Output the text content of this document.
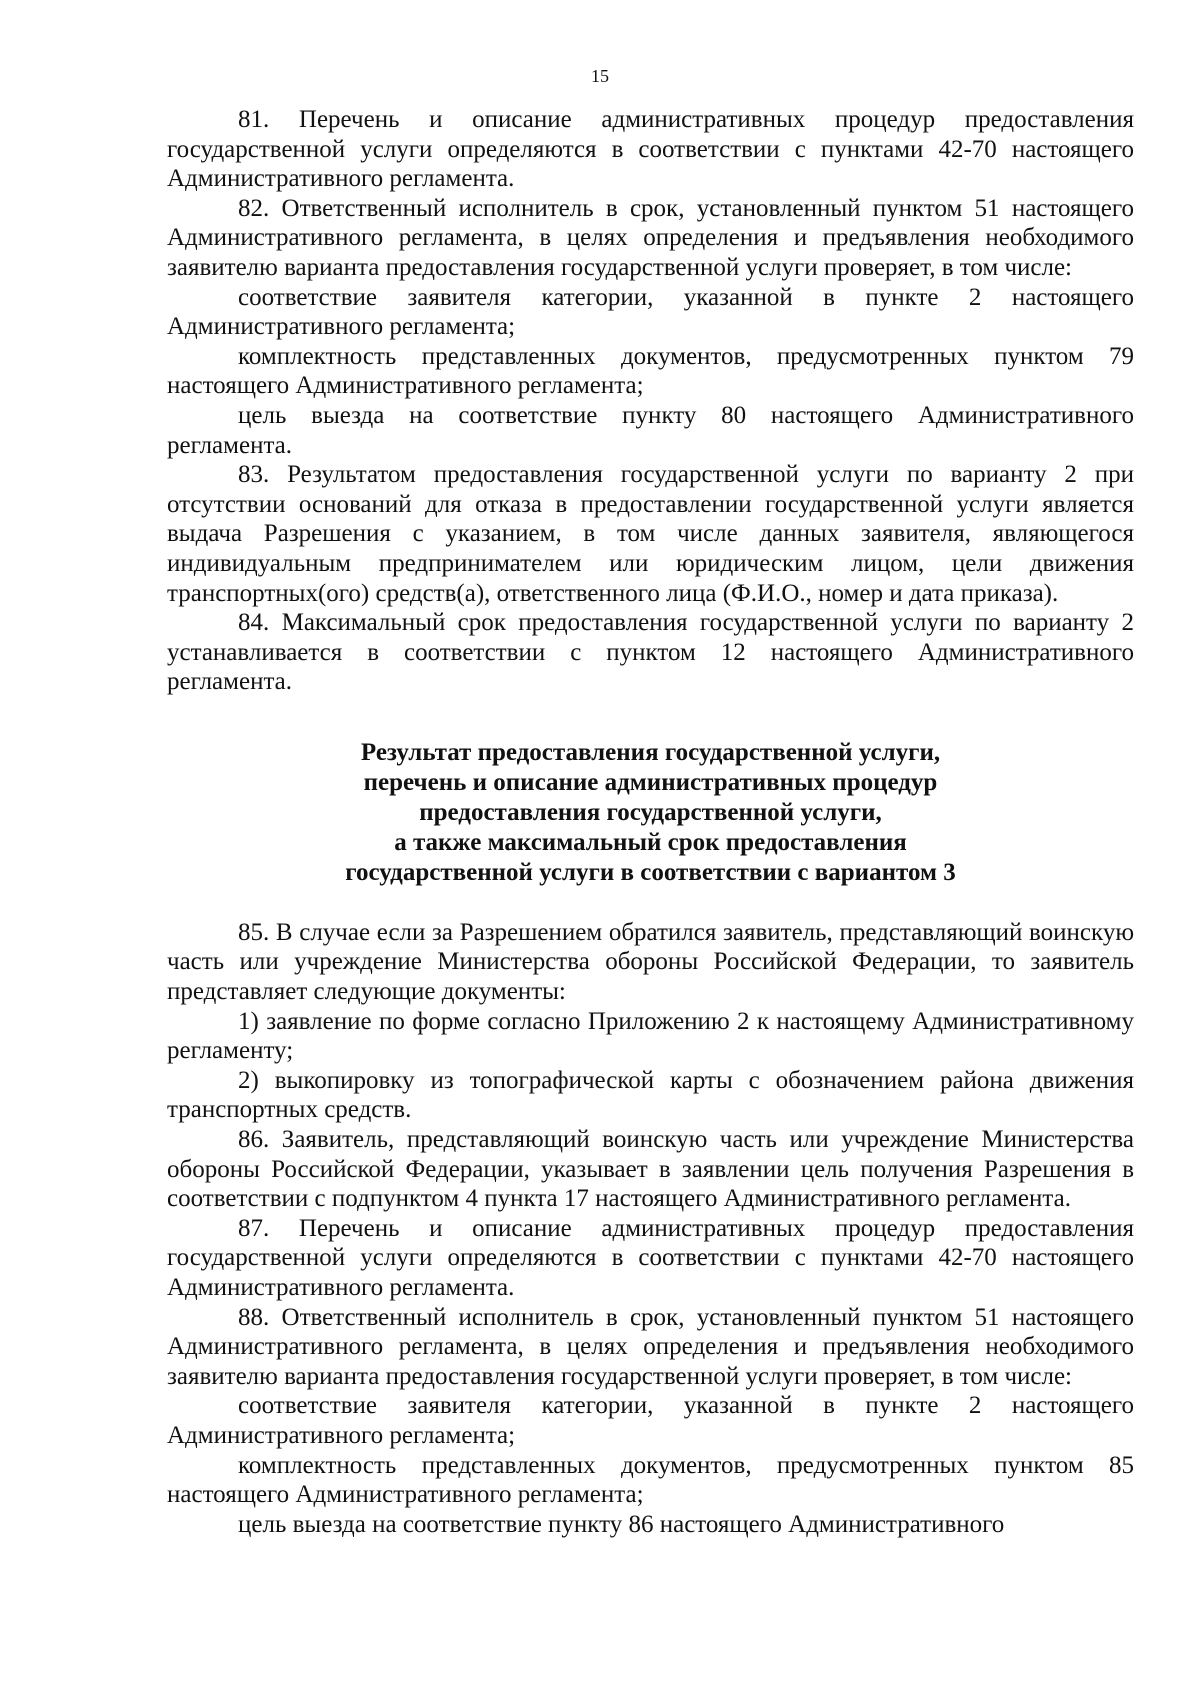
15

81. Перечень и описание административных процедур предоставления государственной услуги определяются в соответствии с пунктами 42-70 настоящего Административного регламента.

82. Ответственный исполнитель в срок, установленный пунктом 51 настоящего Административного регламента, в целях определения и предъявления необходимого заявителю варианта предоставления государственной услуги проверяет, в том числе:

соответствие заявителя категории, указанной в пункте 2 настоящего Административного регламента;

комплектность представленных документов, предусмотренных пунктом 79 настоящего Административного регламента;

цель выезда на соответствие пункту 80 настоящего Административного регламента.

83. Результатом предоставления государственной услуги по варианту 2 при отсутствии оснований для отказа в предоставлении государственной услуги является выдача Разрешения с указанием, в том числе данных заявителя, являющегося индивидуальным предпринимателем или юридическим лицом, цели движения транспортных(ого) средств(а), ответственного лица (Ф.И.О., номер и дата приказа).

84. Максимальный срок предоставления государственной услуги по варианту 2 устанавливается в соответствии с пунктом 12 настоящего Административного регламента.

Результат предоставления государственной услуги,

перечень и описание административных процедур

предоставления государственной услуги,

а также максимальный срок предоставления

государственной услуги в соответствии с вариантом 3

85. В случае если за Разрешением обратился заявитель, представляющий воинскую часть или учреждение Министерства обороны Российской Федерации, то заявитель представляет следующие документы:

1) заявление по форме согласно Приложению 2 к настоящему Административному регламенту;

2) выкопировку из топографической карты с обозначением района движения транспортных средств.

86. Заявитель, представляющий воинскую часть или учреждение Министерства обороны Российской Федерации, указывает в заявлении цель получения Разрешения в соответствии с подпунктом 4 пункта 17 настоящего Административного регламента.

87. Перечень и описание административных процедур предоставления государственной услуги определяются в соответствии с пунктами 42-70 настоящего Административного регламента.

88. Ответственный исполнитель в срок, установленный пунктом 51 настоящего Административного регламента, в целях определения и предъявления необходимого заявителю варианта предоставления государственной услуги проверяет, в том числе:

соответствие заявителя категории, указанной в пункте 2 настоящего Административного регламента;

комплектность представленных документов, предусмотренных пунктом 85 настоящего Административного регламента;

цель выезда на соответствие пункту 86 настоящего Административного
